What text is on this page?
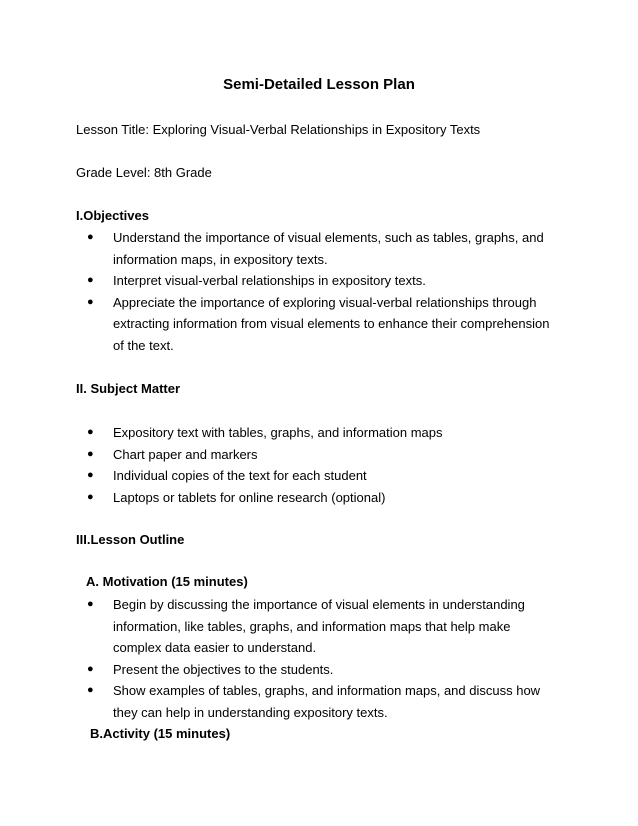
Semi-Detailed Lesson Plan
Lesson Title: Exploring Visual-Verbal Relationships in Expository Texts
Grade Level: 8th Grade
I.Objectives
● Understand the importance of visual elements, such as tables, graphs, and information maps, in expository texts.
● Interpret visual-verbal relationships in expository texts.
● Appreciate the importance of exploring visual-verbal relationships through extracting information from visual elements to enhance their comprehension of the text.
II. Subject Matter
● Expository text with tables, graphs, and information maps
● Chart paper and markers
● Individual copies of the text for each student
● Laptops or tablets for online research (optional)
III.Lesson Outline
A. Motivation (15 minutes)
● Begin by discussing the importance of visual elements in understanding information, like tables, graphs, and information maps that help make complex data easier to understand.
● Present the objectives to the students.
● Show examples of tables, graphs, and information maps, and discuss how they can help in understanding expository texts.
B.Activity (15 minutes)
